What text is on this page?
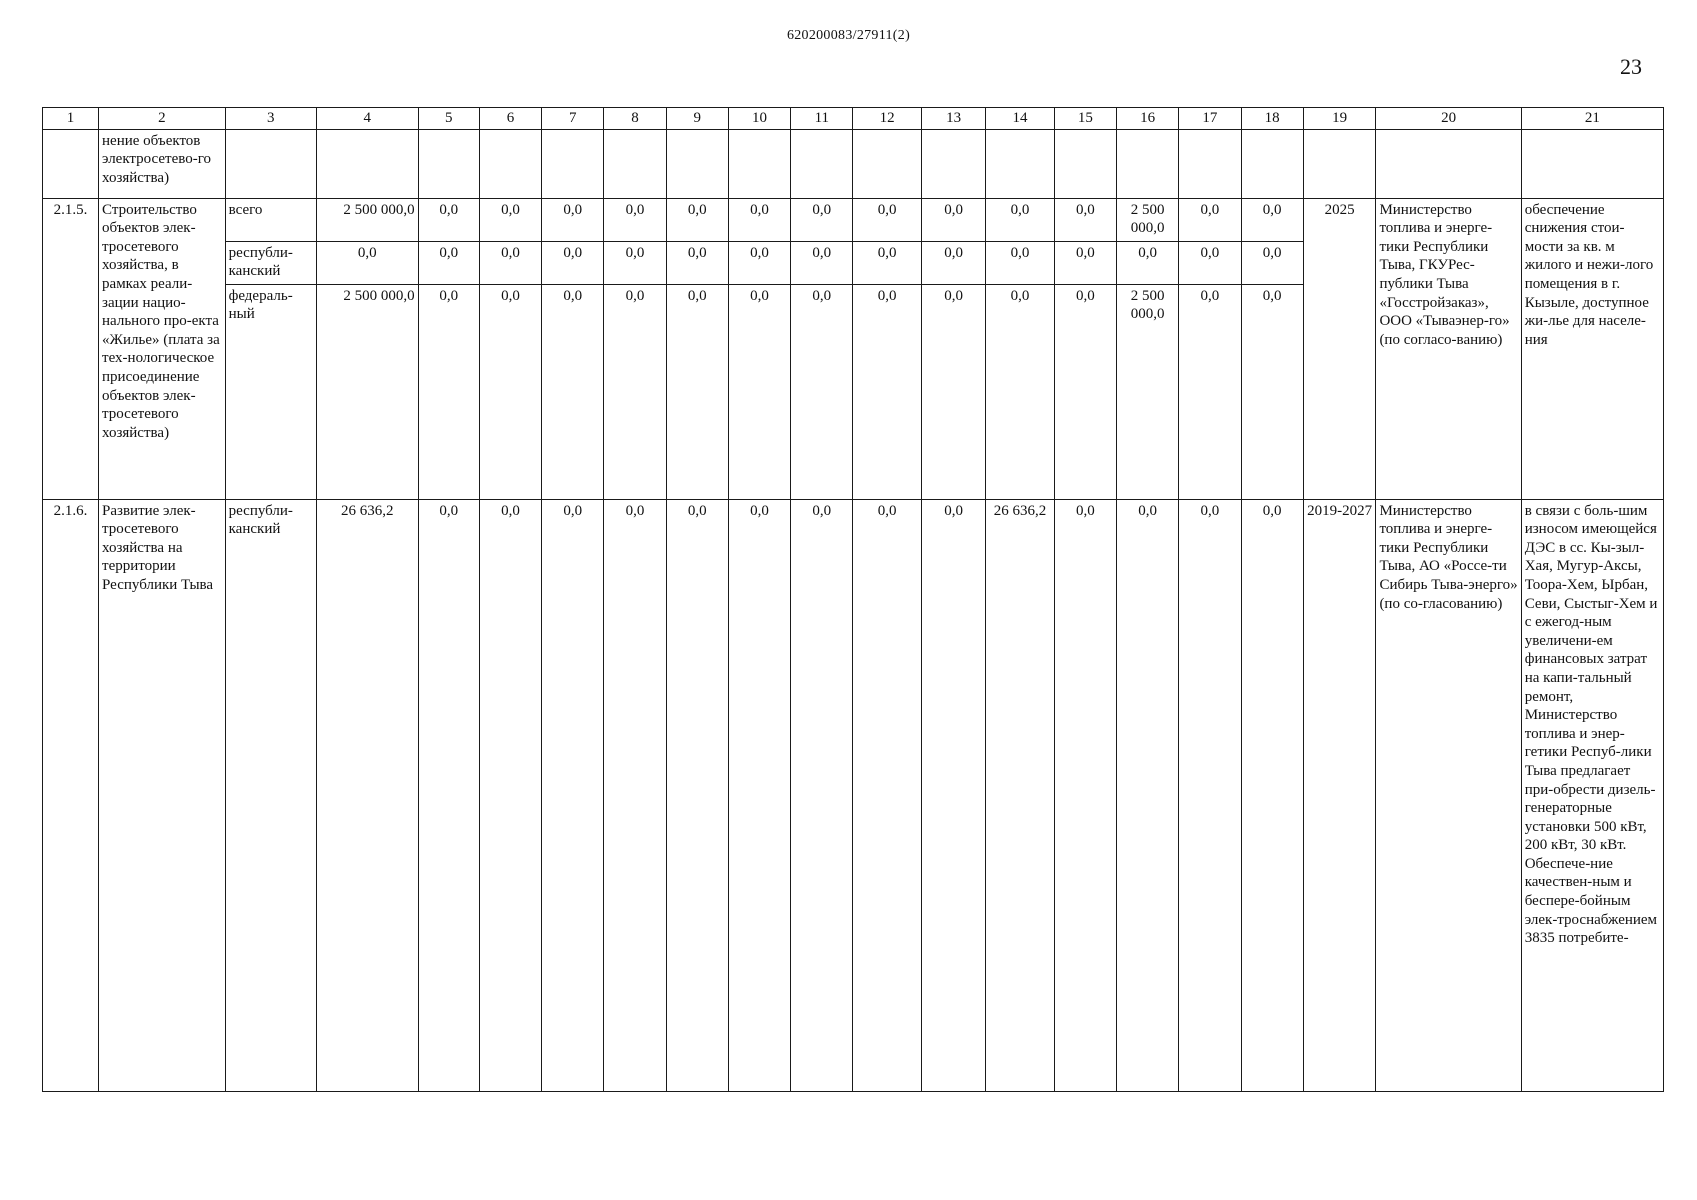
620200083/27911(2)
23
1	2	3	4	5	6	7	8	9	10	11	12	13	14	15	16	17	18	19	20	21
	нение объектов электросетево-го хозяйства)																			
2.1.5.	Строительство объектов элек-тросетевого хозяйства, в рамках реали-зации нацио-нального про-екта «Жилье» (плата за тех-нологическое присоединение объектов элек-тросетевого хозяйства)	всего	2 500 000,0	0,0	0,0	0,0	0,0	0,0	0,0	0,0	0,0	0,0	0,0	0,0	2 500 000,0	0,0	0,0	2025	Министерство топлива и энерге-тики Республики Тыва, ГКУРес-публики Тыва «Госстройзаказ», ООО «Тываэнер-го» (по согласо-ванию)	обеспечение снижения стои-мости за кв. м жилого и нежи-лого помещения в г. Кызыле, доступное жи-лье для населе-ния
		республи-канский	0,0	0,0	0,0	0,0	0,0	0,0	0,0	0,0	0,0	0,0	0,0	0,0	0,0	0,0	0,0			
		федераль-ный	2 500 000,0	0,0	0,0	0,0	0,0	0,0	0,0	0,0	0,0	0,0	0,0	0,0	2 500 000,0	0,0	0,0			
2.1.6.	Развитие элек-тросетевого хозяйства на территории Республики Тыва	республи-канский	26 636,2	0,0	0,0	0,0	0,0	0,0	0,0	0,0	0,0	0,0	26 636,2	0,0	0,0	0,0	0,0	2019-2027	Министерство топлива и энерге-тики Республики Тыва, АО «Россе-ти Сибирь Тыва-энерго» (по со-гласованию)	в связи с боль-шим износом имеющейся ДЭС в сс. Кы-зыл-Хая, Мугур-Аксы, Тоора-Хем, Ырбан, Севи, Сыстыг-Хем и с ежегод-ным увеличени-ем финансовых затрат на капи-тальный ремонт, Министерство топлива и энер-гетики Респуб-лики Тыва предлагает при-обрести дизель-генераторные установки 500 кВт, 200 кВт, 30 кВт. Обеспече-ние качествен-ным и беспере-бойным элек-троснабжением 3835 потребите-
